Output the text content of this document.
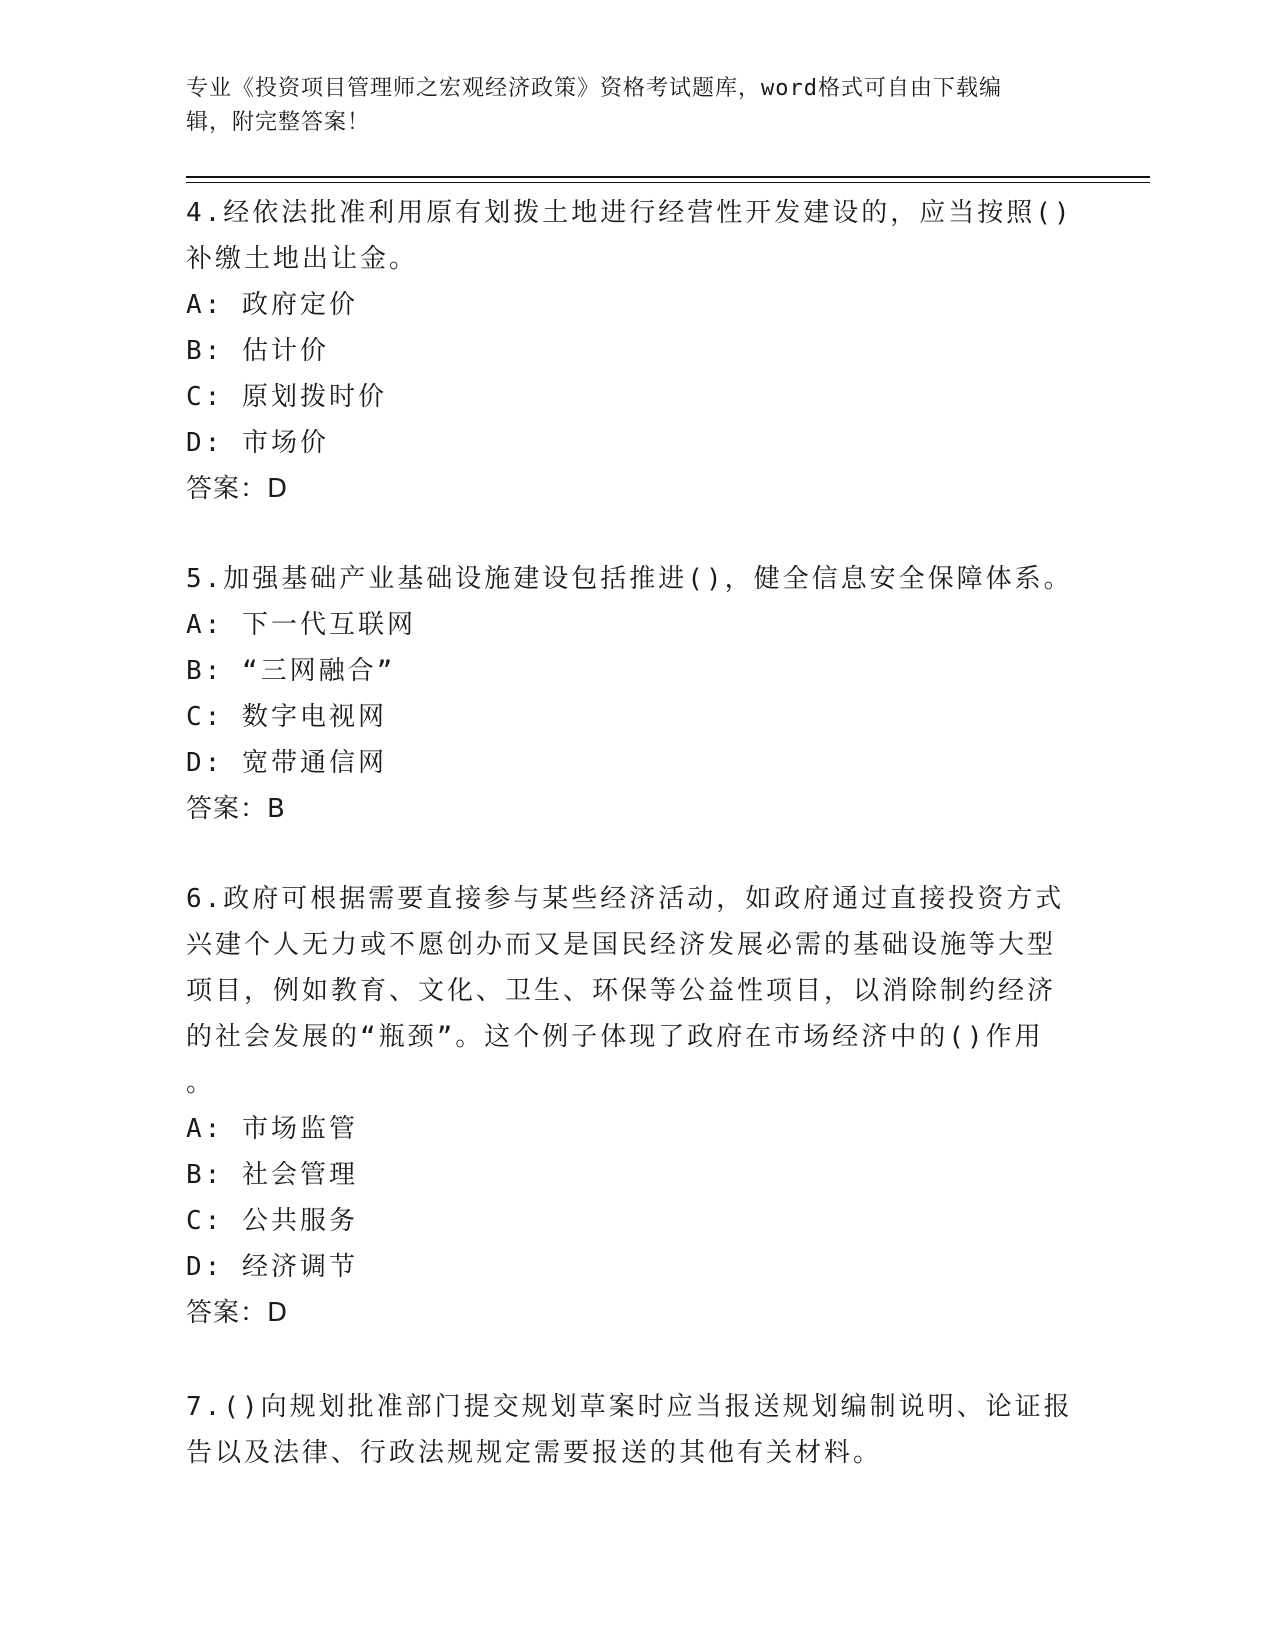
专业《投资项目管理师之宏观经济政策》资格考试题库，word格式可自由下载编
辑，附完整答案！
4.经依法批准利用原有划拨土地进行经营性开发建设的，应当按照()
补缴土地出让金。
A: 政府定价
B: 估计价
C: 原划拨时价
D: 市场价
答案：D
5.加强基础产业基础设施建设包括推进()，健全信息安全保障体系。
A: 下一代互联网
B: “三网融合”
C: 数字电视网
D: 宽带通信网
答案：B
6.政府可根据需要直接参与某些经济活动，如政府通过直接投资方式
兴建个人无力或不愿创办而又是国民经济发展必需的基础设施等大型
项目，例如教育、文化、卫生、环保等公益性项目，以消除制约经济
的社会发展的“瓶颈”。这个例子体现了政府在市场经济中的()作用
。
A: 市场监管
B: 社会管理
C: 公共服务
D: 经济调节
答案：D
7.()向规划批准部门提交规划草案时应当报送规划编制说明、论证报
告以及法律、行政法规规定需要报送的其他有关材料。
